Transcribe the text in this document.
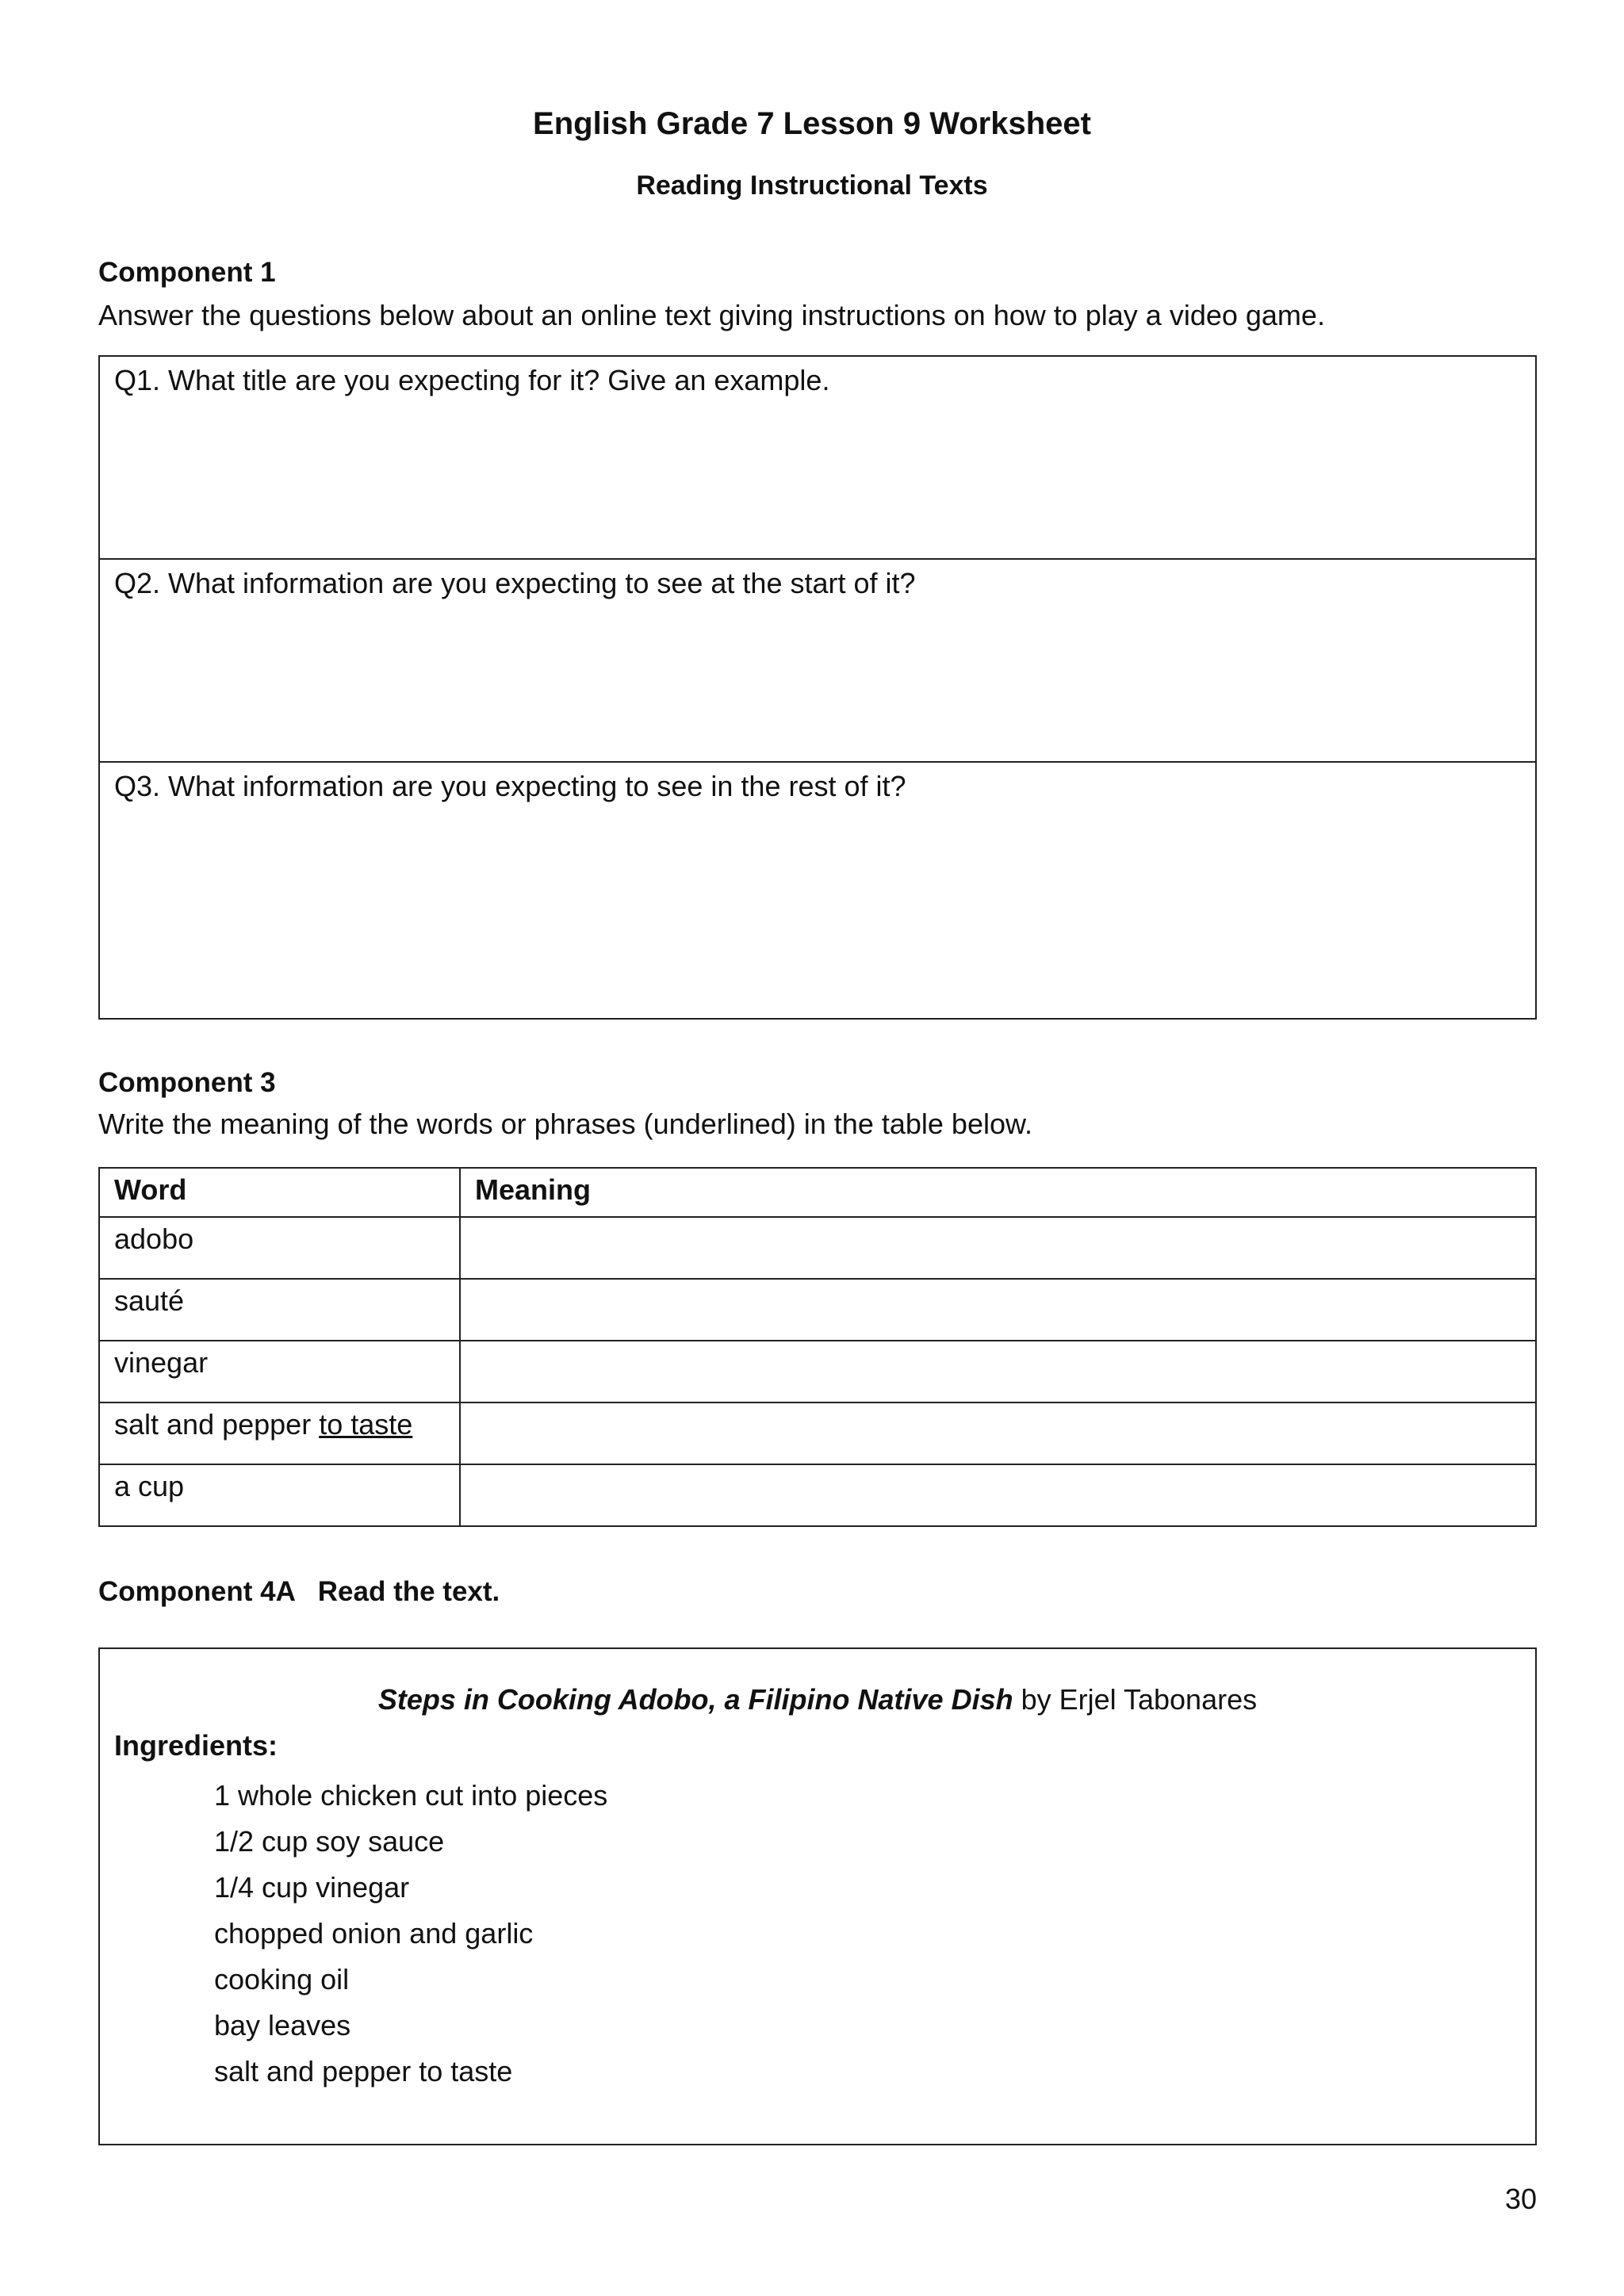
English Grade 7 Lesson 9 Worksheet
Reading Instructional Texts
Component 1
Answer the questions below about an online text giving instructions on how to play a video game.
Q1. What title are you expecting for it? Give an example.
Q2. What information are you expecting to see at the start of it?
Q3. What information are you expecting to see in the rest of it?
Component 3
Write the meaning of the words or phrases (underlined) in the table below.
Word	Meaning
adobo	
sauté	
vinegar	
salt and pepper to taste	
a cup	
Component 4A   Read the text.
Steps in Cooking Adobo, a Filipino Native Dish by Erjel Tabonares
Ingredients:
1 whole chicken cut into pieces
1/2 cup soy sauce
1/4 cup vinegar
chopped onion and garlic
cooking oil
bay leaves
salt and pepper to taste
30
